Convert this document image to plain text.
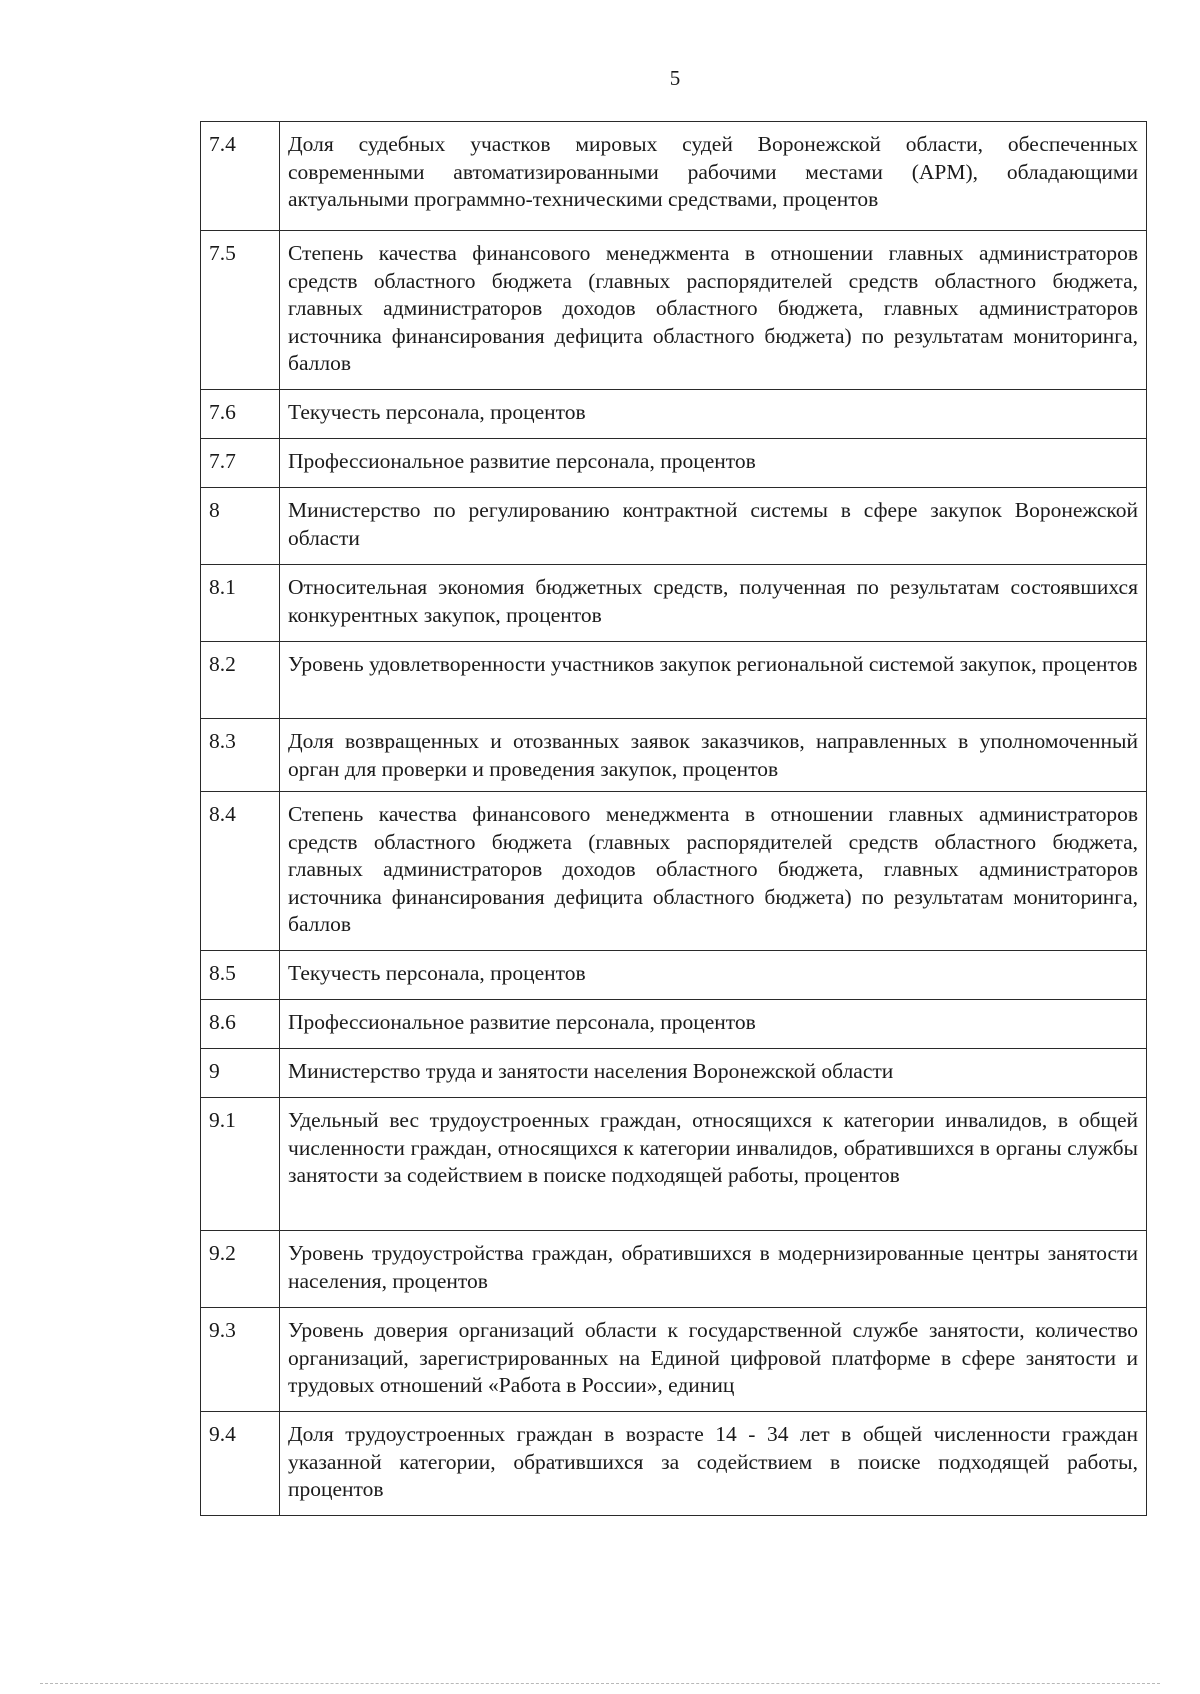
5
7.4	Доля судебных участков мировых судей Воронежской области, обеспеченных современными автоматизированными рабочими местами (АРМ), обладающими актуальными программно-техническими средствами, процентов
7.5	Степень качества финансового менеджмента в отношении главных администраторов средств областного бюджета (главных распорядителей средств областного бюджета, главных администраторов доходов областного бюджета, главных администраторов источника финансирования дефицита областного бюджета) по результатам мониторинга, баллов
7.6	Текучесть персонала, процентов
7.7	Профессиональное развитие персонала, процентов
8	Министерство по регулированию контрактной системы в сфере закупок Воронежской области
8.1	Относительная экономия бюджетных средств, полученная по результатам состоявшихся конкурентных закупок, процентов
8.2	Уровень удовлетворенности участников закупок региональной системой закупок, процентов
8.3	Доля возвращенных и отозванных заявок заказчиков, направленных в уполномоченный орган для проверки и проведения закупок, процентов
8.4	Степень качества финансового менеджмента в отношении главных администраторов средств областного бюджета (главных распорядителей средств областного бюджета, главных администраторов доходов областного бюджета, главных администраторов источника финансирования дефицита областного бюджета) по результатам мониторинга, баллов
8.5	Текучесть персонала, процентов
8.6	Профессиональное развитие персонала, процентов
9	Министерство труда и занятости населения Воронежской области
9.1	Удельный вес трудоустроенных граждан, относящихся к категории инвалидов, в общей численности граждан, относящихся к категории инвалидов, обратившихся в органы службы занятости за содействием в поиске подходящей работы, процентов
9.2	Уровень трудоустройства граждан, обратившихся в модернизированные центры занятости населения, процентов
9.3	Уровень доверия организаций области к государственной службе занятости, количество организаций, зарегистрированных на Единой цифровой платформе в сфере занятости и трудовых отношений «Работа в России», единиц
9.4	Доля трудоустроенных граждан в возрасте 14 - 34 лет в общей численности граждан указанной категории, обратившихся за содействием в поиске подходящей работы, процентов
